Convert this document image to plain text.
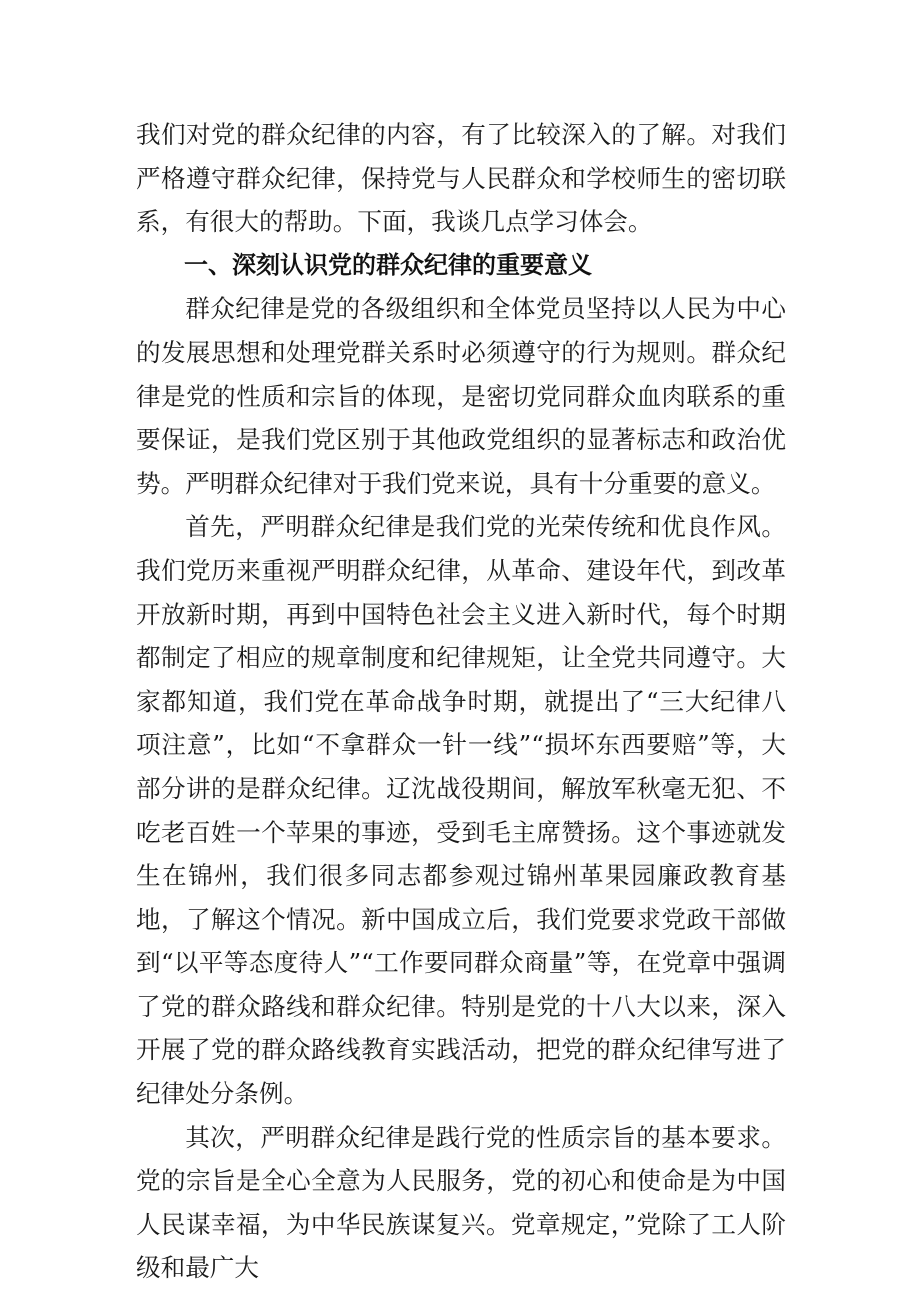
我们对党的群众纪律的内容，有了比较深入的了解。对我们严格遵守群众纪律，保持党与人民群众和学校师生的密切联系，有很大的帮助。下面，我谈几点学习体会。

一、深刻认识党的群众纪律的重要意义

群众纪律是党的各级组织和全体党员坚持以人民为中心的发展思想和处理党群关系时必须遵守的行为规则。群众纪律是党的性质和宗旨的体现，是密切党同群众血肉联系的重要保证，是我们党区别于其他政党组织的显著标志和政治优势。严明群众纪律对于我们党来说，具有十分重要的意义。

首先，严明群众纪律是我们党的光荣传统和优良作风。我们党历来重视严明群众纪律，从革命、建设年代，到改革开放新时期，再到中国特色社会主义进入新时代，每个时期都制定了相应的规章制度和纪律规矩，让全党共同遵守。大家都知道，我们党在革命战争时期，就提出了“三大纪律八项注意”，比如“不拿群众一针一线”“损坏东西要赔”等，大部分讲的是群众纪律。辽沈战役期间，解放军秋毫无犯、不吃老百姓一个苹果的事迹，受到毛主席赞扬。这个事迹就发生在锦州，我们很多同志都参观过锦州革果园廉政教育基地，了解这个情况。新中国成立后，我们党要求党政干部做到“以平等态度待人”“工作要同群众商量”等，在党章中强调了党的群众路线和群众纪律。特别是党的十八大以来，深入开展了党的群众路线教育实践活动，把党的群众纪律写进了纪律处分条例。

其次，严明群众纪律是践行党的性质宗旨的基本要求。党的宗旨是全心全意为人民服务，党的初心和使命是为中国人民谋幸福，为中华民族谋复兴。党章规定，”党除了工人阶级和最广大
